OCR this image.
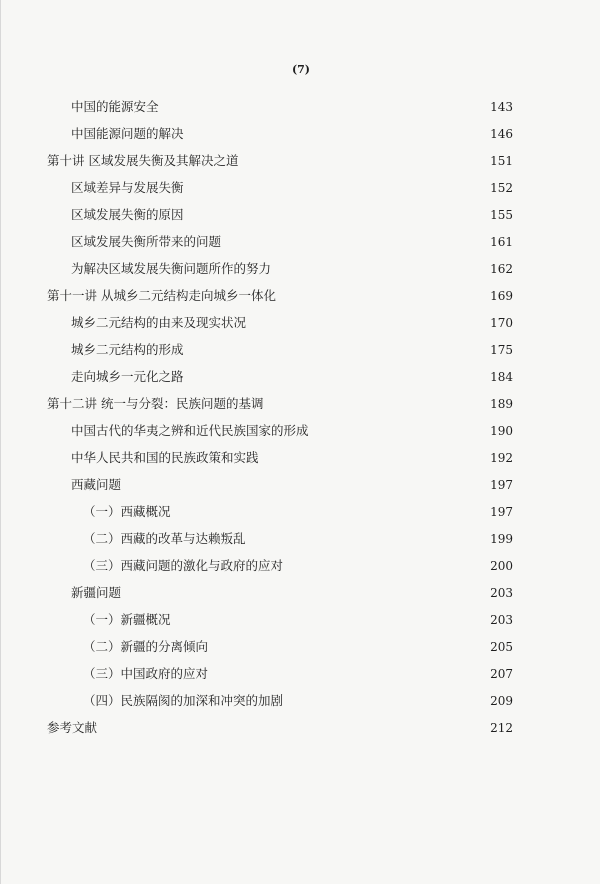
(7)
中国的能源安全	143
中国能源问题的解决	146
第十讲 区域发展失衡及其解决之道	151
区域差异与发展失衡	152
区域发展失衡的原因	155
区域发展失衡所带来的问题	161
为解决区域发展失衡问题所作的努力	162
第十一讲 从城乡二元结构走向城乡一体化	169
城乡二元结构的由来及现实状况	170
城乡二元结构的形成	175
走向城乡一元化之路	184
第十二讲 统一与分裂：民族问题的基调	189
中国古代的华夷之辨和近代民族国家的形成	190
中华人民共和国的民族政策和实践	192
西藏问题	197
（一）西藏概况	197
（二）西藏的改革与达赖叛乱	199
（三）西藏问题的激化与政府的应对	200
新疆问题	203
（一）新疆概况	203
（二）新疆的分离倾向	205
（三）中国政府的应对	207
（四）民族隔阂的加深和冲突的加剧	209
参考文献	212
